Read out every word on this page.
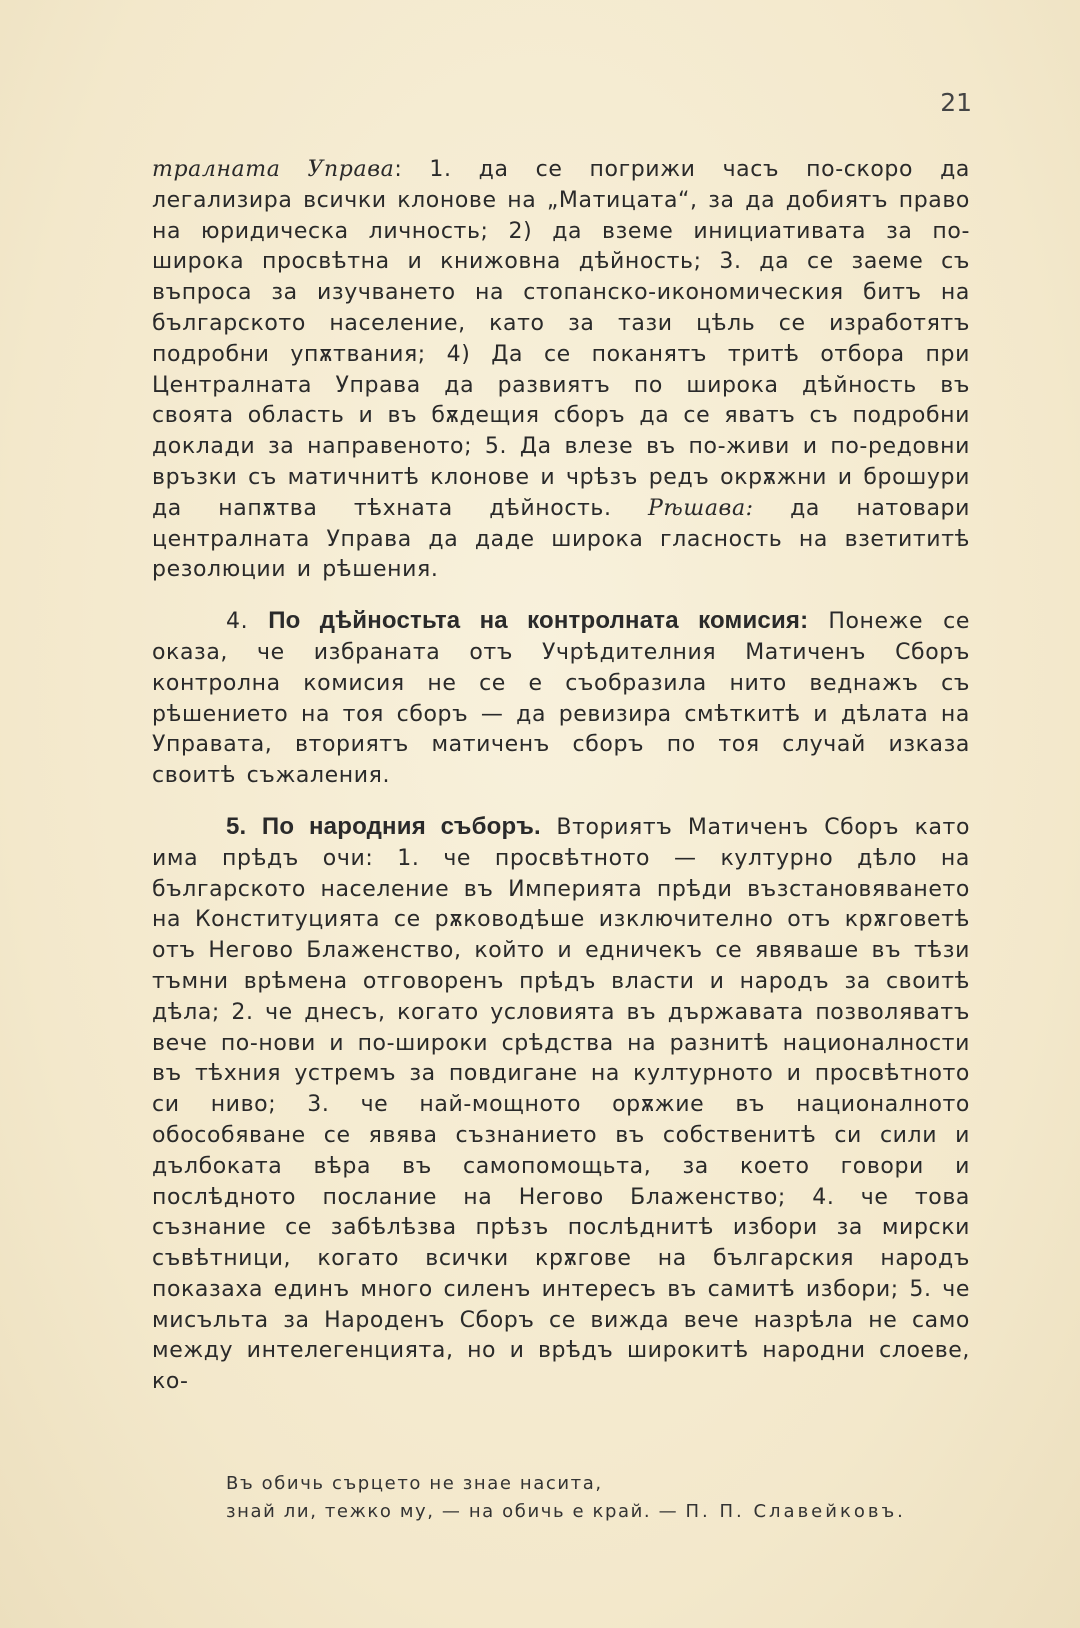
21

тралната Управа: 1. да се погрижи часъ по-скоро да легализира всички клонове на „Матицата“, за да добиятъ право на юридическа личность; 2) да вземе инициативата за по-широка просвѣтна и книжовна дѣйность; 3. да се заеме съ въпроса за изучването на стопанско-икономическия битъ на българското население, като за тази цѣль се изработятъ подробни упѫтвания; 4) Да се поканятъ тритѣ отбора при Централната Управа да развиятъ по широка дѣйность въ своята область и въ бѫдещия сборъ да се яватъ съ подробни доклади за направеното; 5. Да влезе въ по-живи и по-редовни връзки съ матичнитѣ клонове и чрѣзъ редъ окрѫжни и брошури да напѫтва тѣхната дѣйность. Рѣшава: да натовари централната Управа да даде широка гласность на взетититѣ резолюции и рѣшения.

4. По дѣйностьта на контролната комисия: Понеже се оказа, че избраната отъ Учрѣдителния Матиченъ Сборъ контролна комисия не се е съобразила нито веднажъ съ рѣшението на тоя сборъ — да ревизира смѣткитѣ и дѣлата на Управата, вториятъ матиченъ сборъ по тоя случай изказа своитѣ съжаления.

5. По народния съборъ. Вториятъ Матиченъ Сборъ като има прѣдъ очи: 1. че просвѣтното — културно дѣло на българското население въ Империята прѣди възстановяването на Конституцията се рѫководѣше изключително отъ крѫговетѣ отъ Негово Блаженство, който и едничекъ се явяваше въ тѣзи тъмни врѣмена отговоренъ прѣдъ власти и народъ за своитѣ дѣла; 2. че днесъ, когато условията въ държавата позволяватъ вече по-нови и по-широки срѣдства на разнитѣ националности въ тѣхния устремъ за повдигане на културното и просвѣтното си ниво; 3. че най-мощното орѫжие въ националното обособяване се явява съзнанието въ собственитѣ си сили и дълбоката вѣра въ самопомощьта, за което говори и послѣдното послание на Негово Блаженство; 4. че това съзнание се забѣлѣзва прѣзъ послѣднитѣ избори за мирски съвѣтници, когато всички крѫгове на българския народъ показаха единъ много силенъ интересъ въ самитѣ избори; 5. че мисъльта за Народенъ Сборъ се вижда вече назрѣла не само между интелегенцията, но и врѣдъ широкитѣ народни слоеве, ко-

Въ обичь сърцето не знае насита,
знай ли, тежко му, — на обичь е край. — П. П. Славейковъ.
